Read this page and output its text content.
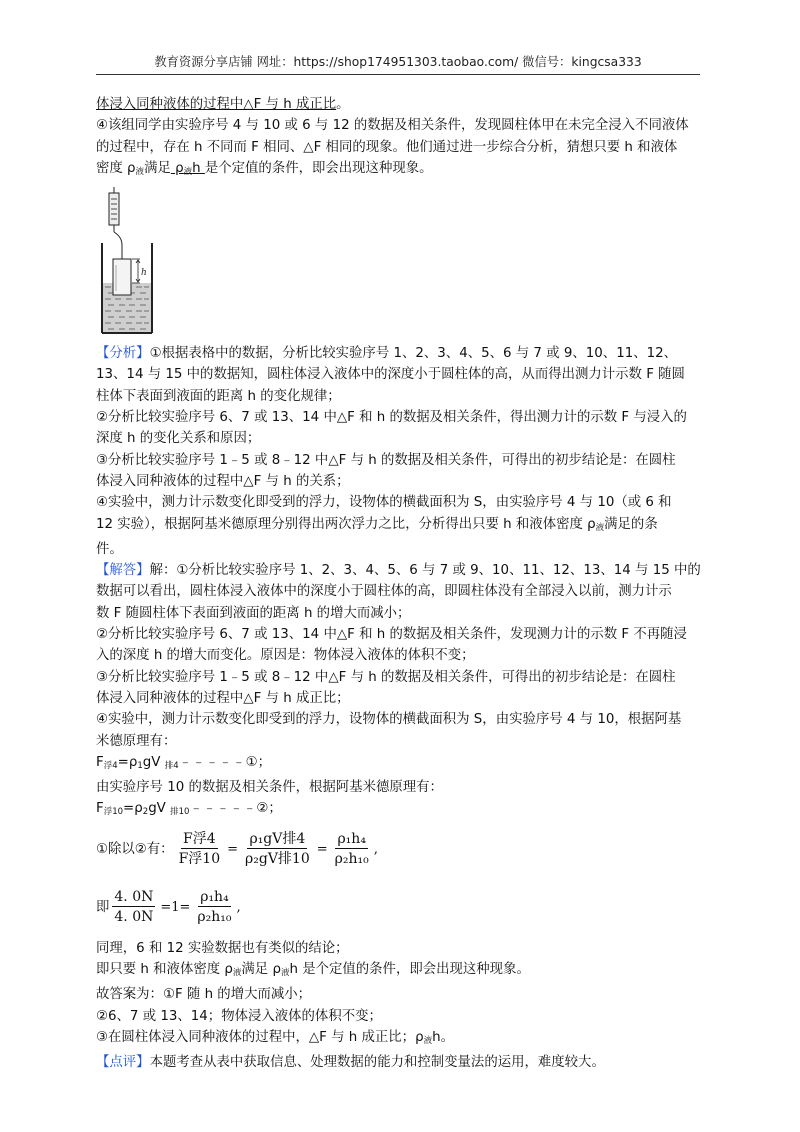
教育资源分享店铺 网址：https://shop174951303.taobao.com/ 微信号：kingcsa333

体浸入同种液体的过程中△F 与 h 成正比。

④该组同学由实验序号 4 与 10 或 6 与 12 的数据及相关条件，发现圆柱体甲在未完全浸入不同液体
的过程中，存在 h 不同而 F 相同、△F 相同的现象。他们通过进一步综合分析，猜想只要 h 和液体
密度 $\rho_液$满足 $\rho_液h$ 是个定值的条件，即会出现这种现象。

h

【分析】①根据表格中的数据，分析比较实验序号 1、2、3、4、5、6 与 7 或 9、10、11、12、
13、14 与 15 中的数据知，圆柱体浸入液体中的深度小于圆柱体的高，从而得出测力计示数 F 随圆
柱体下表面到液面的距离 h 的变化规律；
②分析比较实验序号 6、7 或 13、14 中△F 和 h 的数据及相关条件，得出测力计的示数 F 与浸入的
深度 h 的变化关系和原因；
③分析比较实验序号 1﹣5 或 8﹣12 中△F 与 h 的数据及相关条件，可得出的初步结论是：在圆柱
体浸入同种液体的过程中△F 与 h 的关系；
④实验中，测力计示数变化即受到的浮力，设物体的横截面积为 S，由实验序号 4 与 10（或 6 和
12 实验），根据阿基米德原理分别得出两次浮力之比，分析得出只要 h 和液体密度 $\rho_液$满足的条
件。

【解答】解：①分析比较实验序号 1、2、3、4、5、6 与 7 或 9、10、11、12、13、14 与 15 中的
数据可以看出，圆柱体浸入液体中的深度小于圆柱体的高，即圆柱体没有全部浸入以前，测力计示
数 F 随圆柱体下表面到液面的距离 h 的增大而减小；
②分析比较实验序号 6、7 或 13、14 中△F 和 h 的数据及相关条件，发现测力计的示数 F 不再随浸
入的深度 h 的增大而变化。原因是：物体浸入液体的体积不变；
③分析比较实验序号 1﹣5 或 8﹣12 中△F 与 h 的数据及相关条件，可得出的初步结论是：在圆柱
体浸入同种液体的过程中△F 与 h 成正比；
④实验中，测力计示数变化即受到的浮力，设物体的横截面积为 S，由实验序号 4 与 10，根据阿基
米德原理有：
$F_{浮4}=\rho_1gV$ $_{排4}$﹣﹣﹣﹣﹣①；
由实验序号 10 的数据及相关条件，根据阿基米德原理有：
$F_{浮10}=\rho_2gV$ $_{排10}$﹣﹣﹣﹣﹣②；

①除以②有： $\frac{\text{F浮4}}{\text{F浮10}} = \frac{\text{ρ₁gV排4}}{\text{ρ₂gV排10}} = \frac{\text{ρ₁h₄}}{\text{ρ₂h₁₀}}$ ,
即 $\frac{4. 0N}{4. 0N} =1= \frac{\text{ρ₁h₄}}{\text{ρ₂h₁₀}}$ ,

同理，6 和 12 实验数据也有类似的结论；
即只要 h 和液体密度 $\rho_液$满足 $\rho_液h$ 是个定值的条件，即会出现这种现象。
故答案为：①F 随 h 的增大而减小；
②6、7 或 13、14；物体浸入液体的体积不变；
③在圆柱体浸入同种液体的过程中，△F 与 h 成正比；$\rho_液h$。
【点评】本题考查从表中获取信息、处理数据的能力和控制变量法的运用，难度较大。
